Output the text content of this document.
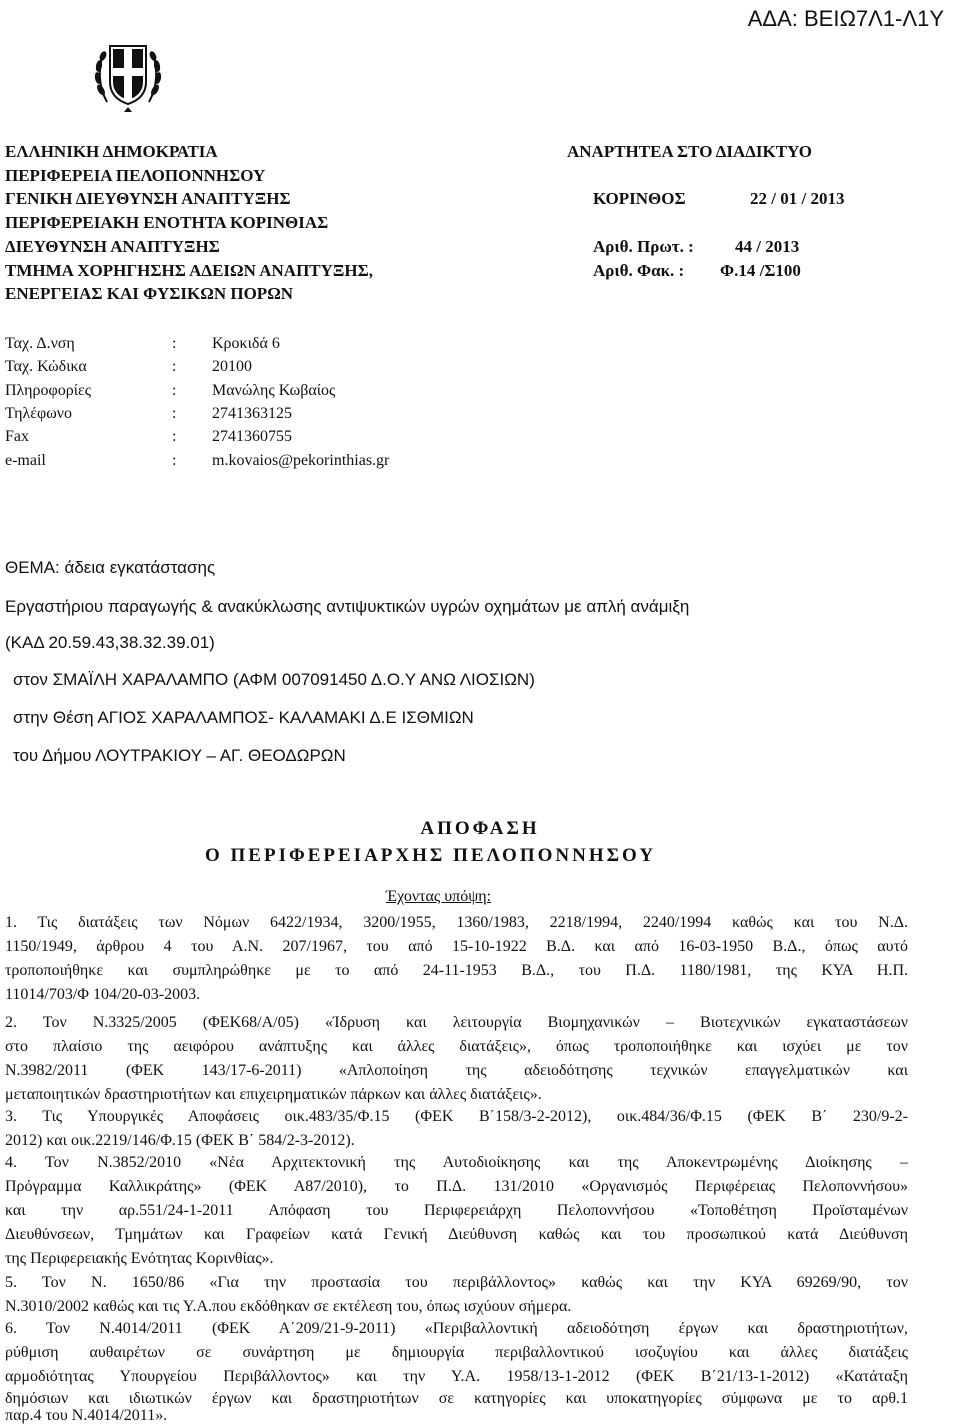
ΑΔΑ: ΒΕΙΩ7Λ1-Λ1Υ
ΕΛΛΗΝΙΚΗ ΔΗΜΟΚΡΑΤΙΑ
ΠΕΡΙΦΕΡΕΙΑ ΠΕΛΟΠΟΝΝΗΣΟΥ
ΓΕΝΙΚΗ ΔΙΕΥΘΥΝΣΗ ΑΝΑΠΤΥΞΗΣ
ΠΕΡΙΦΕΡΕΙΑΚΗ ΕΝΟΤΗΤΑ ΚΟΡΙΝΘΙΑΣ
ΔΙΕΥΘΥΝΣΗ ΑΝΑΠΤΥΞΗΣ
ΤΜΗΜΑ ΧΟΡΗΓΗΣΗΣ ΑΔΕΙΩΝ ΑΝΑΠΤΥΞΗΣ,
ΕΝΕΡΓΕΙΑΣ ΚΑΙ ΦΥΣΙΚΩΝ ΠΟΡΩΝ
ΑΝΑΡΤΗΤΕΑ ΣΤΟ ΔΙΑΔΙΚΤΥΟ
ΚΟΡΙΝΘΟΣ	22 / 01 / 2013
Αριθ. Πρωτ. : 44 / 2013
Αριθ. Φακ. : Φ.14 /Σ100
Ταχ. Δ.νση	: Κροκιδά 6
Ταχ. Κώδικα	: 20100
Πληροφορίες	: Μανώλης Κωβαίος
Τηλέφωνο	: 2741363125
Fax	: 2741360755
e-mail	: m.kovaios@pekorinthias.gr
ΘΕΜΑ: άδεια εγκατάστασης
Εργαστήριου παραγωγής & ανακύκλωσης αντιψυκτικών υγρών οχημάτων με απλή ανάμιξη
(ΚΑΔ 20.59.43,38.32.39.01)
στον ΣΜΑΪΛΗ ΧΑΡΑΛΑΜΠΟ (ΑΦΜ 007091450 Δ.Ο.Υ ΑΝΩ ΛΙΟΣΙΩΝ)
στην Θέση ΑΓΙΟΣ ΧΑΡΑΛΑΜΠΟΣ- ΚΑΛΑΜΑΚΙ Δ.Ε ΙΣΘΜΙΩΝ
του Δήμου ΛΟΥΤΡΑΚΙΟΥ – ΑΓ. ΘΕΟΔΩΡΩΝ
ΑΠΟΦΑΣΗ
Ο ΠΕΡΙΦΕΡΕΙΑΡΧΗΣ ΠΕΛΟΠΟΝΝΗΣΟΥ
Έχοντας υπόψη:
1. Τις διατάξεις των Νόμων 6422/1934, 3200/1955, 1360/1983, 2218/1994, 2240/1994 καθώς και του Ν.Δ.
1150/1949, άρθρου 4 του Α.Ν. 207/1967, του από 15-10-1922 Β.Δ. και από 16-03-1950 Β.Δ., όπως αυτό
τροποποιήθηκε και συμπληρώθηκε με το από 24-11-1953 Β.Δ., του Π.Δ. 1180/1981, της ΚΥΑ Η.Π.
11014/703/Φ 104/20-03-2003.
2. Τον Ν.3325/2005 (ΦΕΚ68/Α/05) «Ίδρυση και λειτουργία Βιομηχανικών – Βιοτεχνικών εγκαταστάσεων
στο πλαίσιο της αειφόρου ανάπτυξης και άλλες διατάξεις», όπως τροποποιήθηκε και ισχύει με τον
Ν.3982/2011 (ΦΕΚ 143/17-6-2011) «Απλοποίηση της αδειοδότησης τεχνικών επαγγελματικών και
μεταποιητικών δραστηριοτήτων και επιχειρηματικών πάρκων και άλλες διατάξεις».
3. Τις Υπουργικές Αποφάσεις οικ.483/35/Φ.15 (ΦΕΚ Β΄158/3-2-2012), οικ.484/36/Φ.15 (ΦΕΚ Β΄ 230/9-2-
2012) και οικ.2219/146/Φ.15 (ΦΕΚ Β΄ 584/2-3-2012).
4. Τον Ν.3852/2010 «Νέα Αρχιτεκτονική της Αυτοδιοίκησης και της Αποκεντρωμένης Διοίκησης –
Πρόγραμμα Καλλικράτης» (ΦΕΚ Α87/2010), το Π.Δ. 131/2010 «Οργανισμός Περιφέρειας Πελοποννήσου»
και την αρ.551/24-1-2011 Απόφαση του Περιφερειάρχη Πελοποννήσου «Τοποθέτηση Προϊσταμένων
Διευθύνσεων, Τμημάτων και Γραφείων κατά Γενική Διεύθυνση καθώς και του προσωπικού κατά Διεύθυνση
της Περιφερειακής Ενότητας Κορινθίας».
5. Τον Ν. 1650/86 «Για την προστασία του περιβάλλοντος» καθώς και την ΚΥΑ 69269/90, τον
Ν.3010/2002 καθώς και τις Υ.Α.που εκδόθηκαν σε εκτέλεση του, όπως ισχύουν σήμερα.
6. Τον Ν.4014/2011 (ΦΕΚ Α΄209/21-9-2011) «Περιβαλλοντική αδειοδότηση έργων και δραστηριοτήτων,
ρύθμιση αυθαιρέτων σε συνάρτηση με δημιουργία περιβαλλοντικού ισοζυγίου και άλλες διατάξεις
αρμοδιότητας Υπουργείου Περιβάλλοντος» και την Υ.Α. 1958/13-1-2012 (ΦΕΚ Β΄21/13-1-2012) «Κατάταξη
δημόσιων και ιδιωτικών έργων και δραστηριοτήτων σε κατηγορίες και υποκατηγορίες σύμφωνα με το αρθ.1
παρ.4 του Ν.4014/2011».
